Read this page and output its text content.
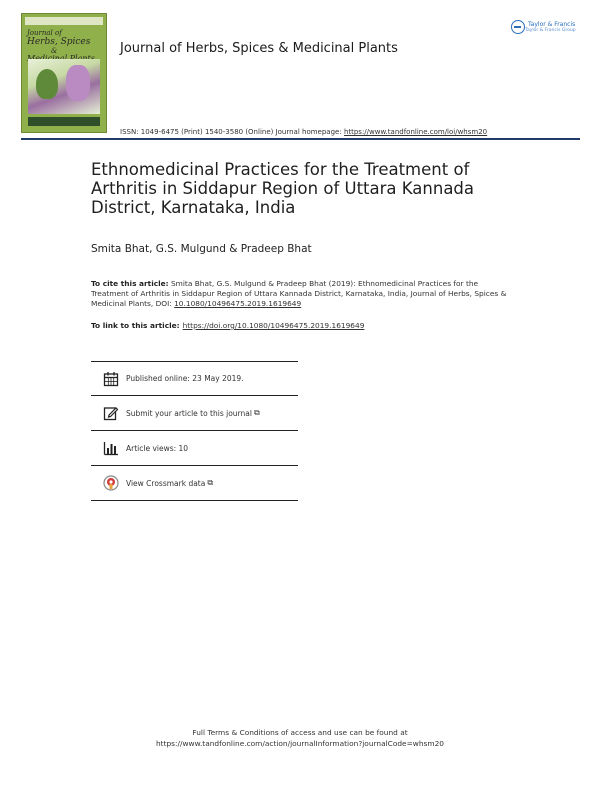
Journal of
Herbs, Spices
&	Journal of Herbs, Spices & Medicinal Plants
Taylor & Francis
Taylor & Francis Group
ISSN: 1049-6475 (Print) 1540-3580 (Online) Journal homepage: https://www.tandfonline.com/loi/whsm20
Ethnomedicinal Practices for the Treatment of Arthritis in Siddapur Region of Uttara Kannada District, Karnataka, India
Smita Bhat, G.S. Mulgund & Pradeep Bhat
To cite this article: Smita Bhat, G.S. Mulgund & Pradeep Bhat (2019): Ethnomedicinal Practices for the Treatment of Arthritis in Siddapur Region of Uttara Kannada District, Karnataka, India, Journal of Herbs, Spices & Medicinal Plants, DOI: 10.1080/10496475.2019.1619649
To link to this article: https://doi.org/10.1080/10496475.2019.1619649
Published online: 23 May 2019.
Submit your article to this journal ⧉
Article views: 10
View Crossmark data ⧉
Full Terms & Conditions of access and use can be found at
https://www.tandfonline.com/action/journalInformation?journalCode=whsm20
